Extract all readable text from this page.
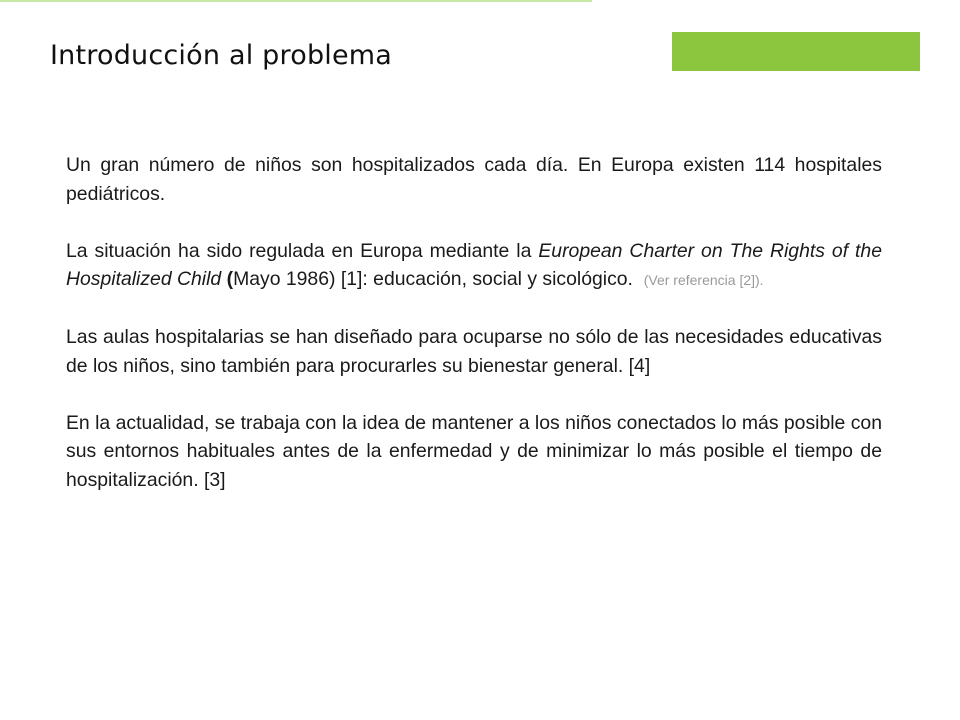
Introducción al problema

Un gran número de niños son hospitalizados cada día. En Europa existen 114 hospitales pediátricos.

La situación ha sido regulada en Europa mediante la European Charter on The Rights of the Hospitalized Child (Mayo 1986) [1]: educación, social y sicológico. (Ver referencia [2]).

Las aulas hospitalarias se han diseñado para ocuparse no sólo de las necesidades educativas de los niños, sino también para procurarles su bienestar general. [4]

En la actualidad, se trabaja con la idea de mantener a los niños conectados lo más posible con sus entornos habituales antes de la enfermedad y de minimizar lo más posible el tiempo de hospitalización. [3]
